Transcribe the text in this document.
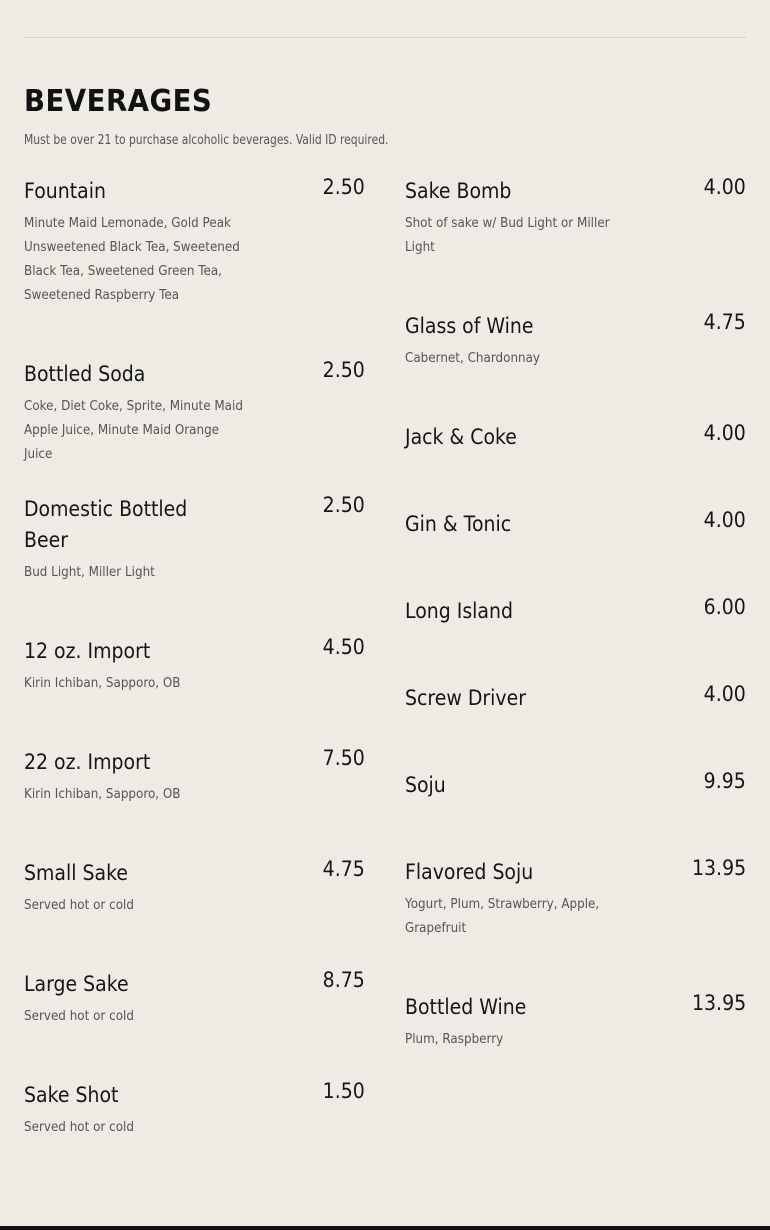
BEVERAGES
Must be over 21 to purchase alcoholic beverages. Valid ID required.
Fountain	2.50
Minute Maid Lemonade, Gold Peak Unsweetened Black Tea, Sweetened Black Tea, Sweetened Green Tea, Sweetened Raspberry Tea
Bottled Soda	2.50
Coke, Diet Coke, Sprite, Minute Maid Apple Juice, Minute Maid Orange Juice
Domestic Bottled Beer
2.50
Bud Light, Miller Light
12 oz. Import	4.50
Kirin Ichiban, Sapporo, OB
22 oz. Import	7.50
Kirin Ichiban, Sapporo, OB
Small Sake	4.75
Served hot or cold
Large Sake	8.75
Served hot or cold
Sake Shot	1.50
Served hot or cold
Sake Bomb	4.00
Shot of sake w/ Bud Light or Miller Light
Glass of Wine	4.75
Cabernet, Chardonnay
Jack & Coke	4.00
Gin & Tonic	4.00
Long Island	6.00
Screw Driver	4.00
Soju	9.95
Flavored Soju	13.95
Yogurt, Plum, Strawberry, Apple, Grapefruit
Bottled Wine	13.95
Plum, Raspberry
